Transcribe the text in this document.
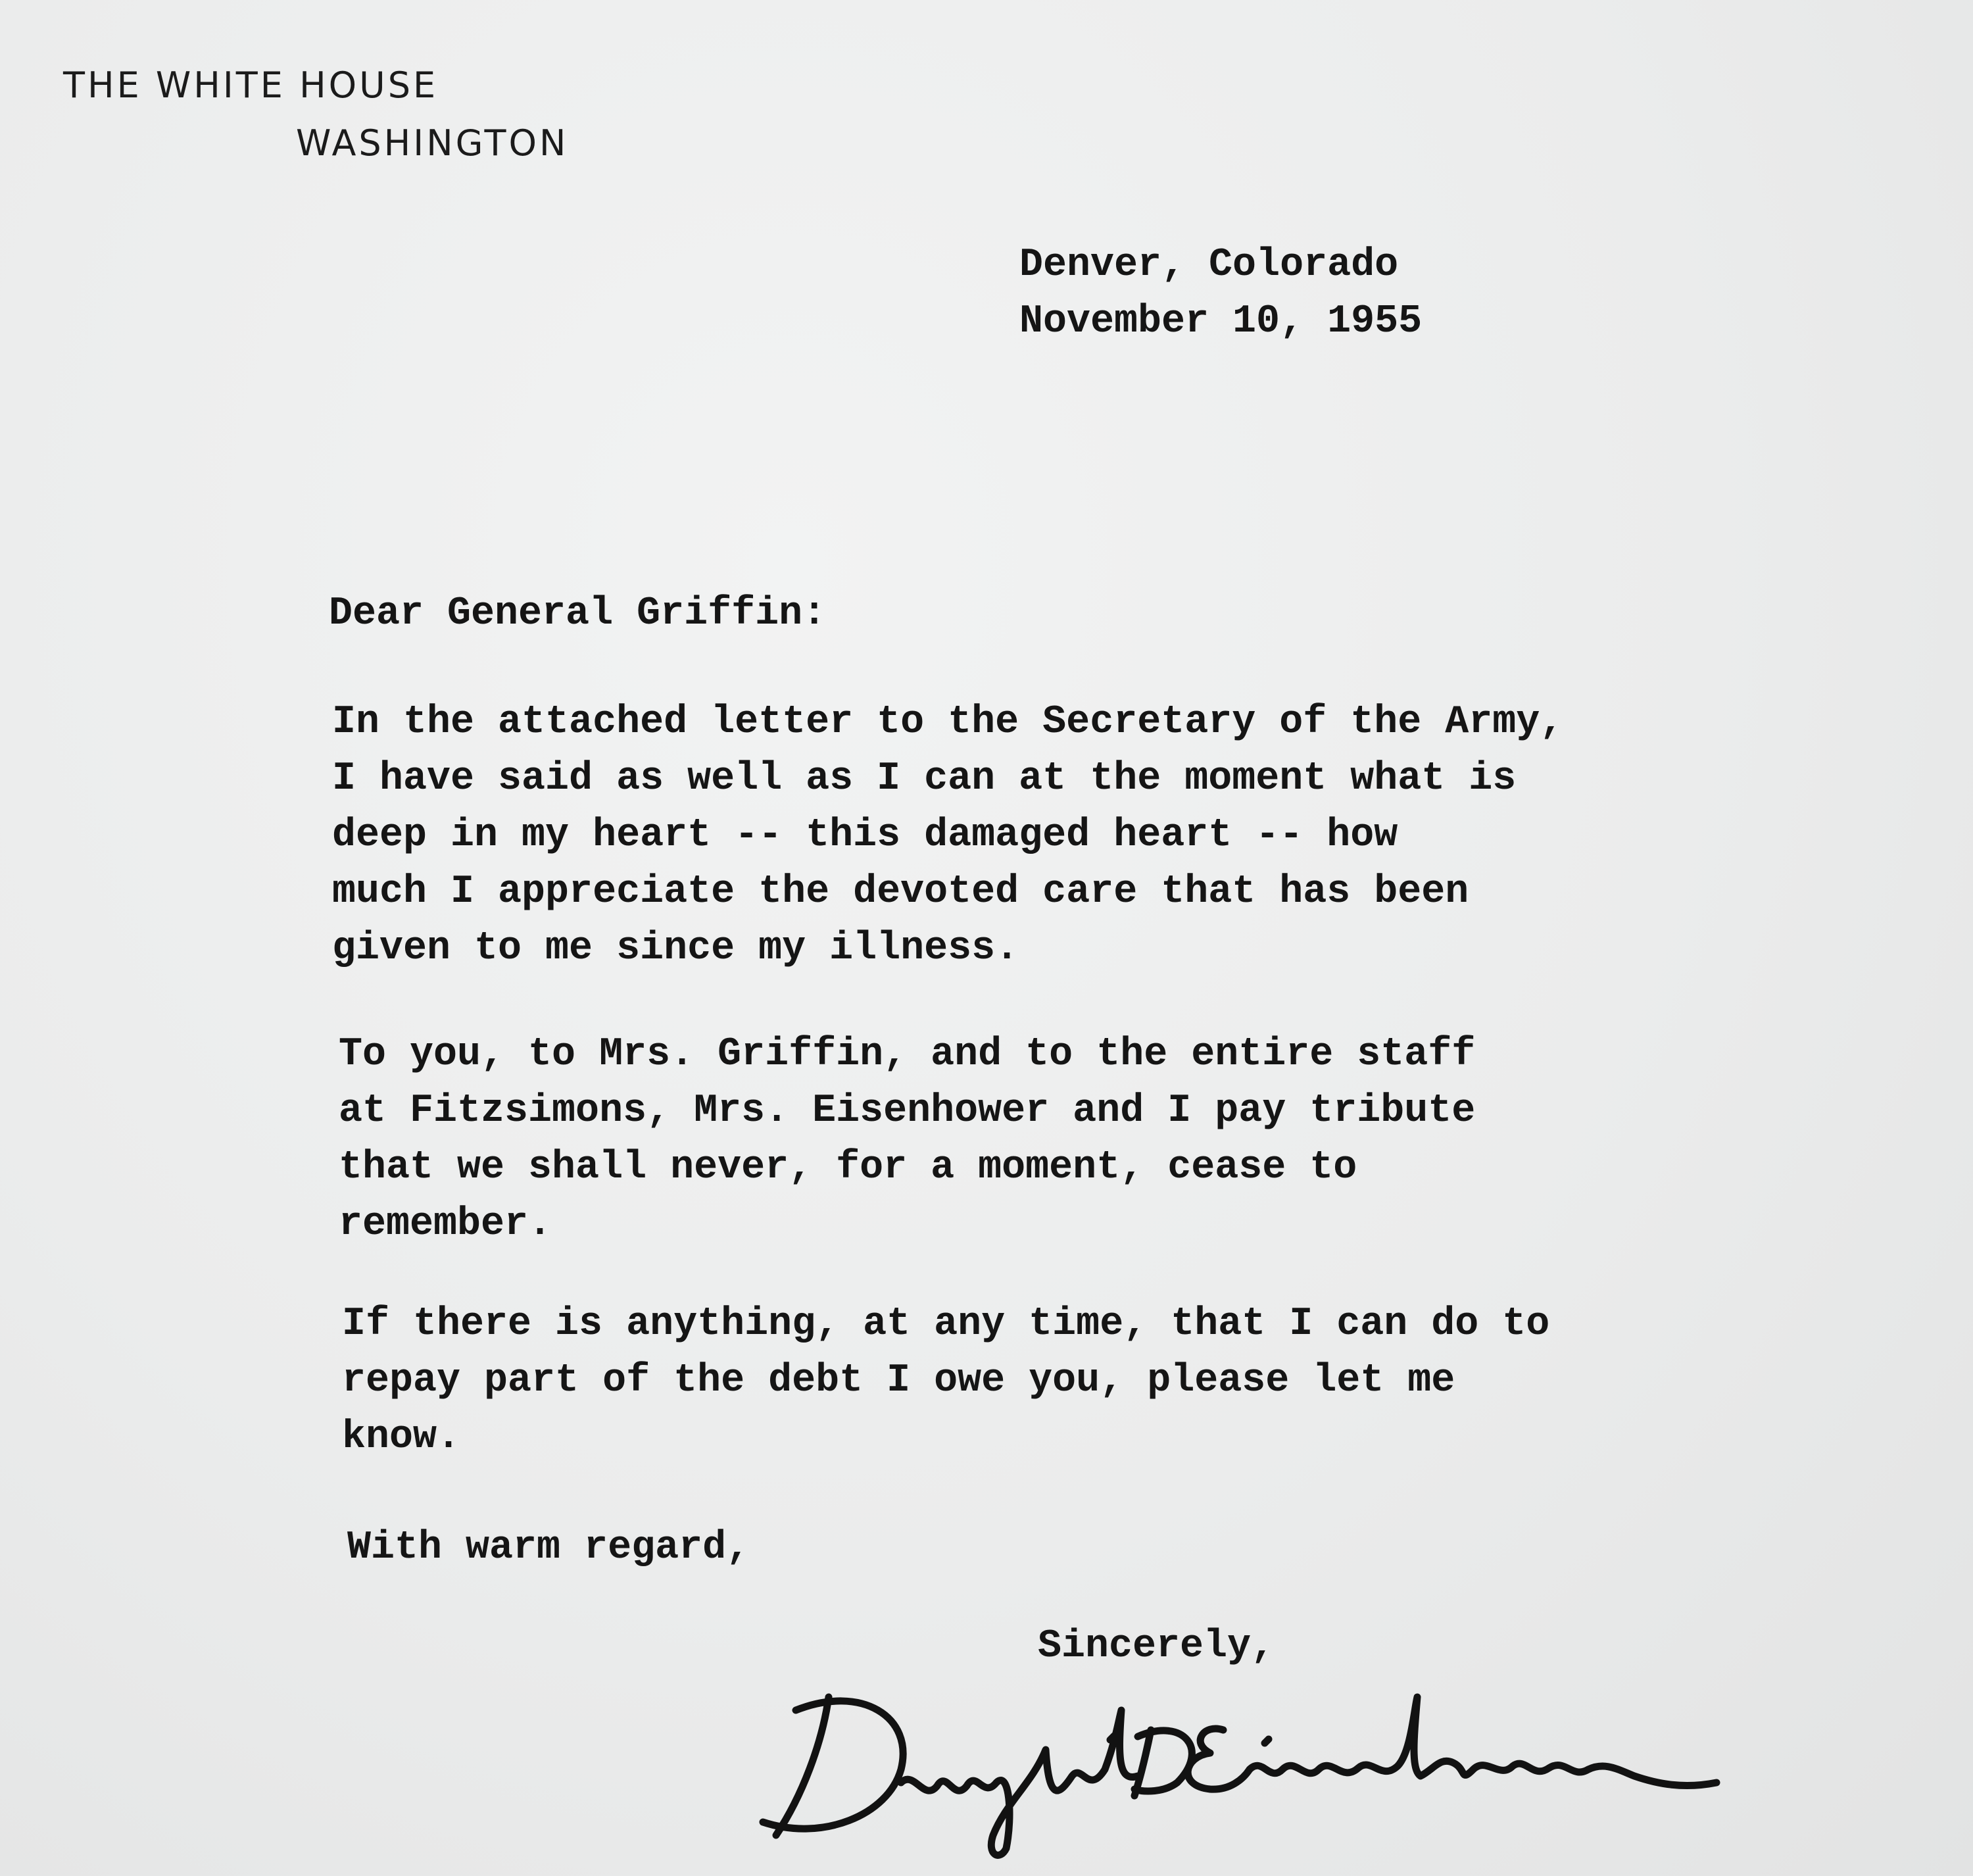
THE WHITE HOUSE
WASHINGTON
Denver, Colorado
November 10, 1955
Dear General Griffin:
In the attached letter to the Secretary of the Army,
I have said as well as I can at the moment what is
deep in my heart -- this damaged heart -- how
much I appreciate the devoted care that has been
given to me since my illness.
To you, to Mrs. Griffin, and to the entire staff
at Fitzsimons, Mrs. Eisenhower and I pay tribute
that we shall never, for a moment, cease to
remember.
If there is anything, at any time, that I can do to
repay part of the debt I owe you, please let me
know.
With warm regard,
Sincerely,
